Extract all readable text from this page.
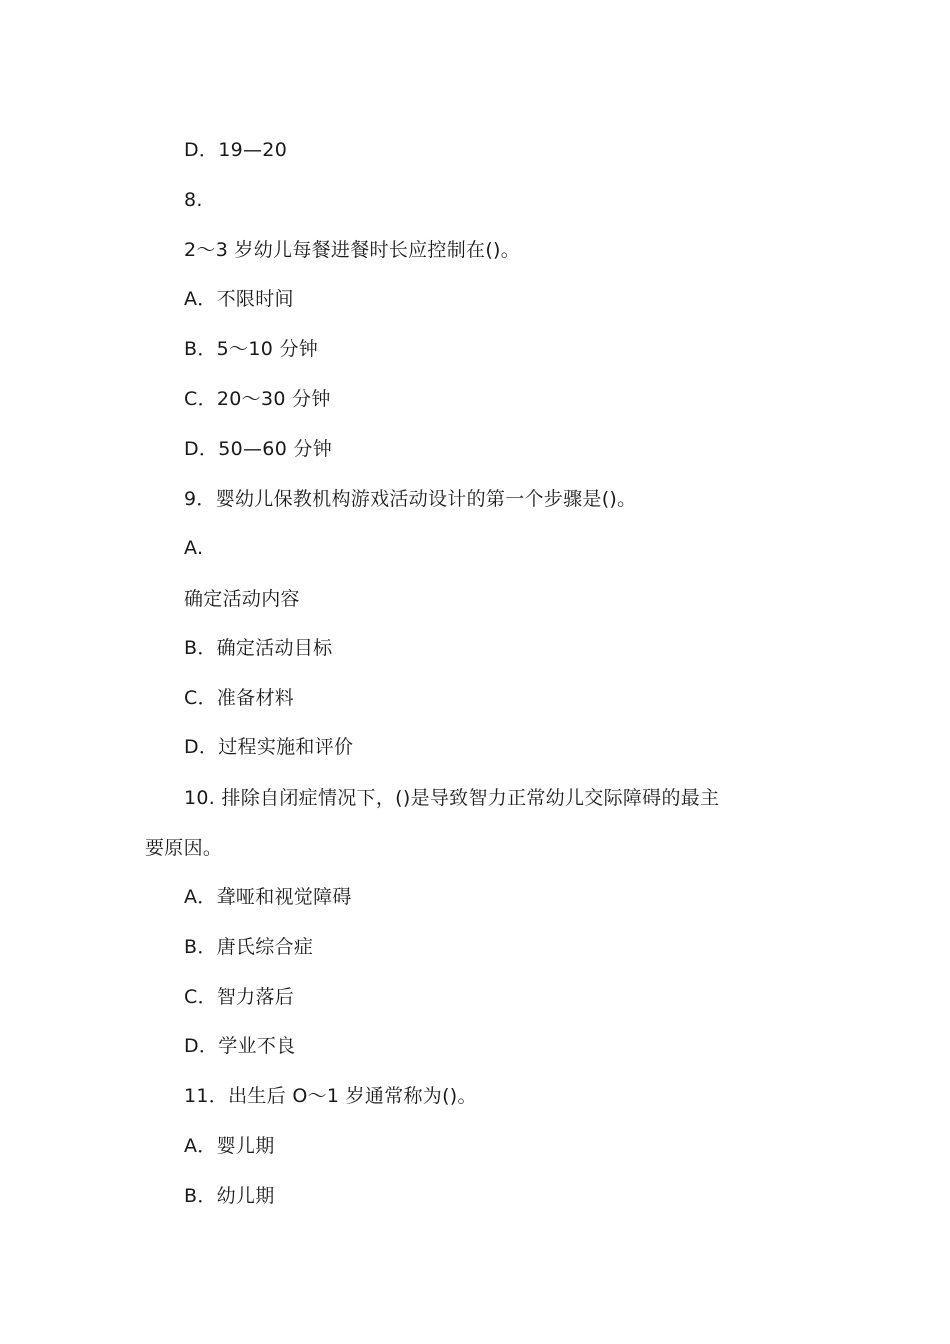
D．19—20
8.
2～3 岁幼儿每餐进餐时长应控制在()。
A．不限时间
B．5～10 分钟
C．20～30 分钟
D．50—60 分钟
9．婴幼儿保教机构游戏活动设计的第一个步骤是()。
A.
确定活动内容
B．确定活动目标
C．准备材料
D．过程实施和评价
10. 排除自闭症情况下，()是导致智力正常幼儿交际障碍的最主
要原因。
A．聋哑和视觉障碍
B．唐氏综合症
C．智力落后
D．学业不良
11．出生后 O～1 岁通常称为()。
A．婴儿期
B．幼儿期
